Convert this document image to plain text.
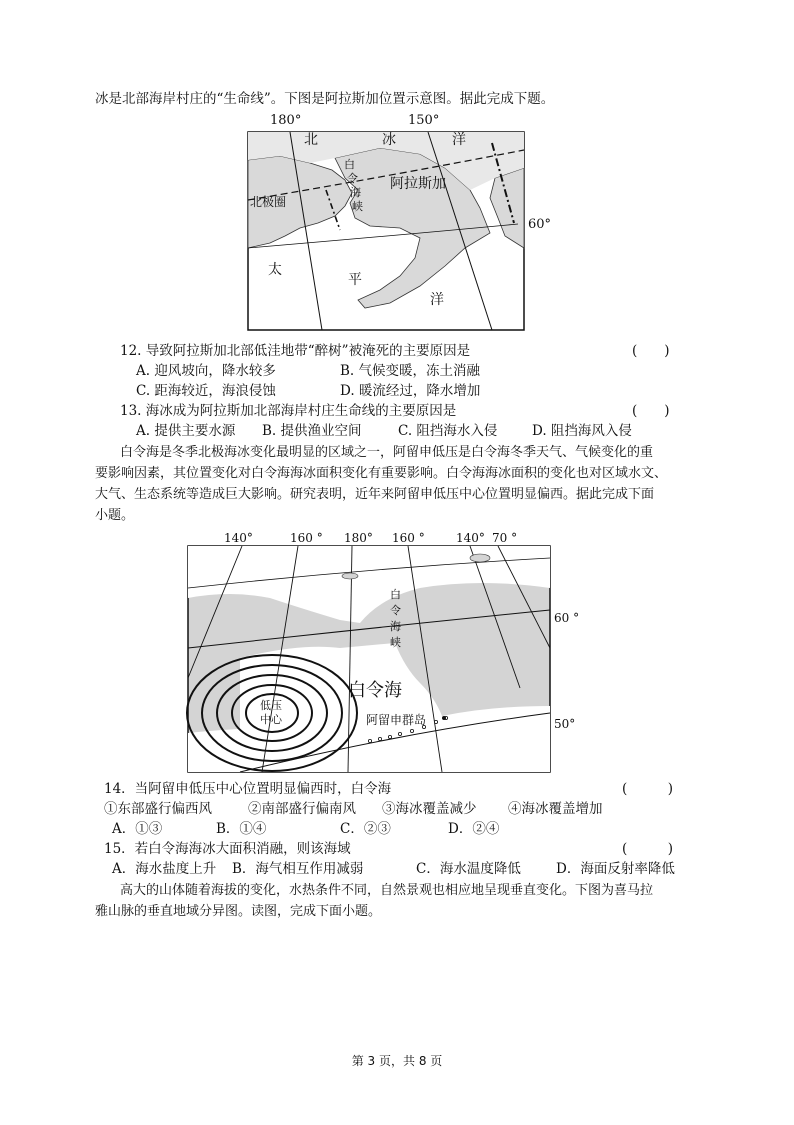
冰是北部海岸村庄的“生命线”。下图是阿拉斯加位置示意图。据此完成下题。
180°	150°
60°
北	冰	洋
阿拉斯加
北极圈
白
令
海
峡
太
平
洋
12. 导致阿拉斯加北部低洼地带“醉树”被淹死的主要原因是	(　　)
A. 迎风坡向，降水较多	B. 气候变暖，冻土消融
C. 距海较近，海浪侵蚀	D. 暖流经过，降水增加
13. 海冰成为阿拉斯加北部海岸村庄生命线的主要原因是	(　　)
A. 提供主要水源 B. 提供渔业空间	C. 阻挡海水入侵	D. 阻挡海风入侵
白令海是冬季北极海冰变化最明显的区域之一，阿留申低压是白令海冬季天气、气候变化的重
要影响因素，其位置变化对白令海海冰面积变化有重要影响。白令海海冰面积的变化也对区域水文、
大气、生态系统等造成巨大影响。研究表明，近年来阿留申低压中心位置明显偏西。据此完成下面
小题。
140°	160 ° 180° 160 °	140° 70 °
60 °
50°
白
令
海
峡
白令海
低压
中心	阿留申群岛
14．当阿留申低压中心位置明显偏西时，白令海	(　　　)
①东部盛行偏西风	②南部盛行偏南风 ③海冰覆盖减少 ④海冰覆盖增加
A．①③	B．①④	C．②③	D．②④
15．若白令海海冰大面积消融，则该海域	(　　　)
A．海水盐度上升 B．海气相互作用减弱	C．海水温度降低	D．海面反射率降低
高大的山体随着海拔的变化，水热条件不同，自然景观也相应地呈现垂直变化。下图为喜马拉
雅山脉的垂直地域分异图。读图，完成下面小题。
第 3 页，共 8 页
